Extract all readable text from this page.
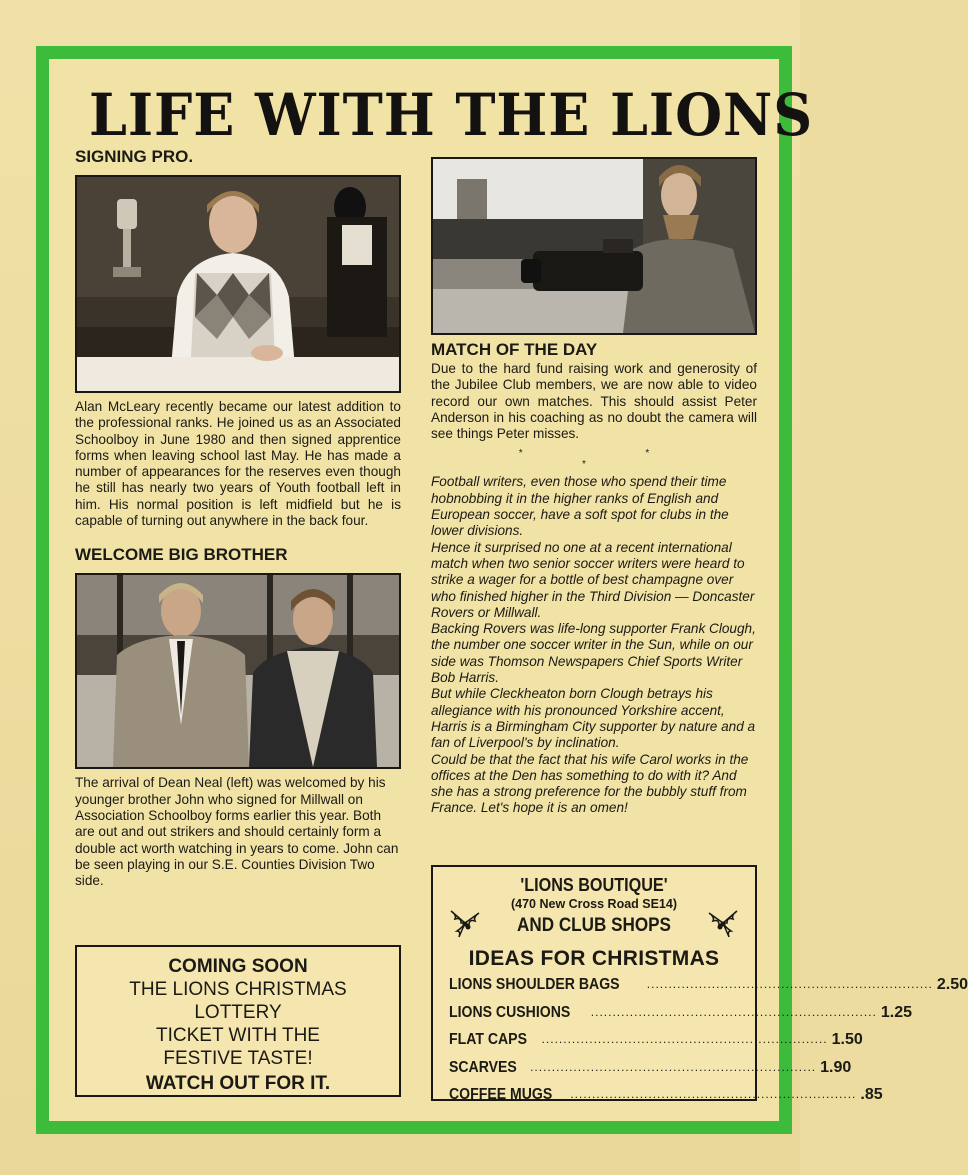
LIFE WITH THE LIONS
SIGNING PRO.
Alan McLeary recently became our latest addition to the professional ranks. He joined us as an Associated Schoolboy in June 1980 and then signed apprentice forms when leaving school last May. He has made a number of appearances for the reserves even though he still has nearly two years of Youth football left in him. His normal position is left midfield but he is capable of turning out anywhere in the back four.
WELCOME BIG BROTHER
The arrival of Dean Neal (left) was welcomed by his younger brother John who signed for Millwall on Association Schoolboy forms earlier this year. Both are out and out strikers and should certainly form a double act worth watching in years to come. John can be seen playing in our S.E. Counties Division Two side.
MATCH OF THE DAY
Due to the hard fund raising work and generosity of the Jubilee Club members, we are now able to video record our own matches. This should assist Peter Anderson in his coaching as no doubt the camera will see things Peter misses.
* * *
Football writers, even those who spend their time hobnobbing it in the higher ranks of English and European soccer, have a soft spot for clubs in the lower divisions.
Hence it surprised no one at a recent international match when two senior soccer writers were heard to strike a wager for a bottle of best champagne over who finished higher in the Third Division — Doncaster Rovers or Millwall.
Backing Rovers was life-long supporter Frank Clough, the number one soccer writer in the Sun, while on our side was Thomson Newspapers Chief Sports Writer Bob Harris.
But while Cleckheaton born Clough betrays his allegiance with his pronounced Yorkshire accent, Harris is a Birmingham City supporter by nature and a fan of Liverpool's by inclination.
Could be that the fact that his wife Carol works in the offices at the Den has something to do with it? And she has a strong preference for the bubbly stuff from France. Let's hope it is an omen!
COMING SOON
THE LIONS CHRISTMAS
LOTTERY
TICKET WITH THE
FESTIVE TASTE!
WATCH OUT FOR IT.
'LIONS BOUTIQUE'
(470 New Cross Road SE14)
AND CLUB SHOPS
IDEAS FOR CHRISTMAS
LIONS SHOULDER BAGS .................................................................. 2.50
LIONS CUSHIONS .................................................................. 1.25
FLAT CAPS .................................................................. 1.50
SCARVES .................................................................. 1.90
COFFEE MUGS .................................................................. .85
